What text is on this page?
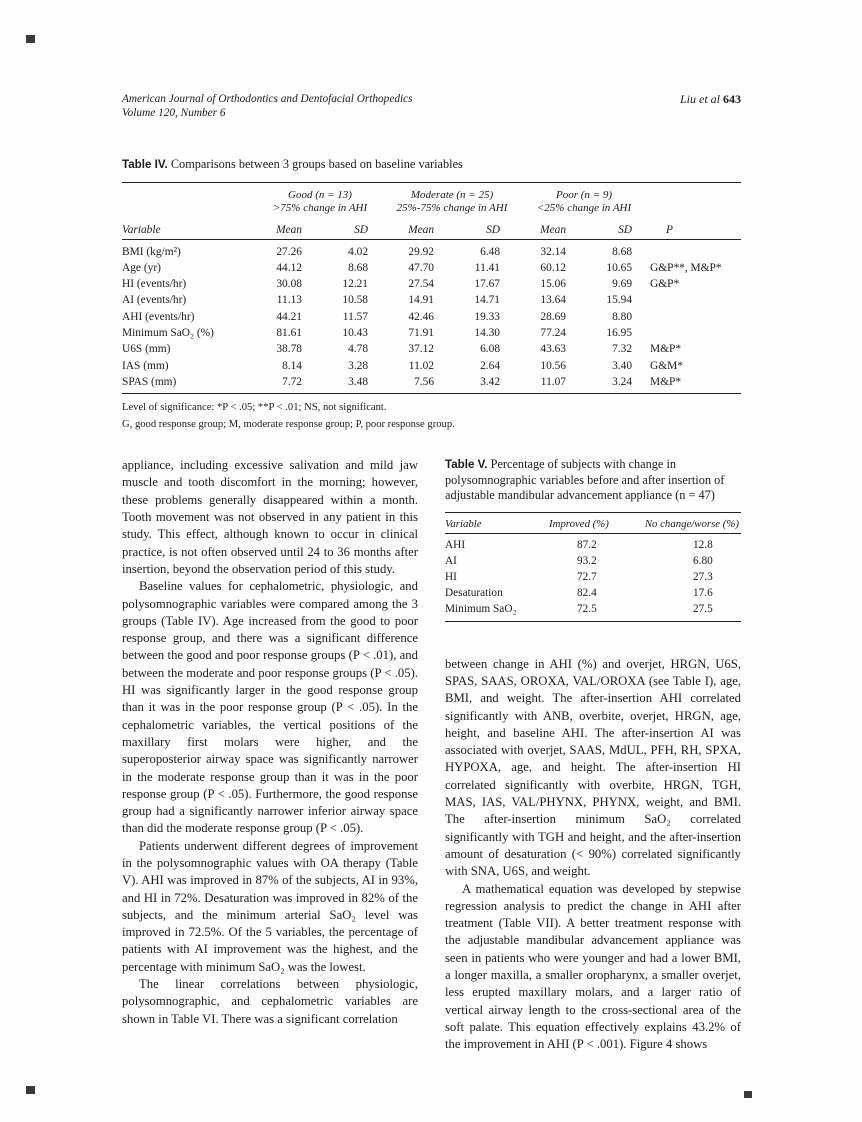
American Journal of Orthodontics and Dentofacial Orthopedics
Volume 120, Number 6
Liu et al 643
Table IV. Comparisons between 3 groups based on baseline variables

Good (n = 13)
>75% change in AHI

Moderate (n = 25)
25%-75% change in AHI

Poor (n = 9)
<25% change in AHI

Variable	Mean	SD	Mean	SD	Mean	SD	P
BMI (kg/m²)	27.26	4.02	29.92	6.48	32.14	8.68	
Age (yr)	44.12	8.68	47.70	11.41	60.12	10.65	G&P**, M&P*
HI (events/hr)	30.08	12.21	27.54	17.67	15.06	9.69	G&P*
AI (events/hr)	11.13	10.58	14.91	14.71	13.64	15.94	
AHI (events/hr)	44.21	11.57	42.46	19.33	28.69	8.80	
Minimum SaO₂ (%)	81.61	10.43	71.91	14.30	77.24	16.95	
U6S (mm)	38.78	4.78	37.12	6.08	43.63	7.32	M&P*
IAS (mm)	8.14	3.28	11.02	2.64	10.56	3.40	G&M*
SPAS (mm)	7.72	3.48	7.56	3.42	11.07	3.24	M&P*
Level of significance: *P < .05; **P < .01; NS, not significant.
G, good response group; M, moderate response group; P, poor response group.

appliance, including excessive salivation and mild jaw muscle and tooth discomfort in the morning; however, these problems generally disappeared within a month. Tooth movement was not observed in any patient in this study. This effect, although known to occur in clinical practice, is not often observed until 24 to 36 months after insertion, beyond the observation period of this study.

Baseline values for cephalometric, physiologic, and polysomnographic variables were compared among the 3 groups (Table IV). Age increased from the good to poor response group, and there was a significant difference between the good and poor response groups (P < .01), and between the moderate and poor response groups (P < .05). HI was significantly larger in the good response group than it was in the poor response group (P < .05). In the cephalometric variables, the vertical positions of the maxillary first molars were higher, and the superoposterior airway space was significantly narrower in the moderate response group than it was in the poor response group (P < .05). Furthermore, the good response group had a significantly narrower inferior airway space than did the moderate response group (P < .05).

Patients underwent different degrees of improvement in the polysomnographic values with OA therapy (Table V). AHI was improved in 87% of the subjects, AI in 93%, and HI in 72%. Desaturation was improved in 82% of the subjects, and the minimum arterial SaO₂ level was improved in 72.5%. Of the 5 variables, the percentage of patients with AI improvement was the highest, and the percentage with minimum SaO₂ was the lowest.

The linear correlations between physiologic, polysomnographic, and cephalometric variables are shown in Table VI. There was a significant correlation

Table V. Percentage of subjects with change in polysomnographic variables before and after insertion of adjustable mandibular advancement appliance (n = 47)
Variable	Improved (%)	No change/worse (%)
AHI	87.2	12.8
AI	93.2	6.80
HI	72.7	27.3
Desaturation	82.4	17.6
Minimum SaO₂	72.5	27.5

between change in AHI (%) and overjet, HRGN, U6S, SPAS, SAAS, OROXA, VAL/OROXA (see Table I), age, BMI, and weight. The after-insertion AHI correlated significantly with ANB, overbite, overjet, HRGN, age, height, and baseline AHI. The after-insertion AI was associated with overjet, SAAS, MdUL, PFH, RH, SPXA, HYPOXA, age, and height. The after-insertion HI correlated significantly with overbite, HRGN, TGH, MAS, IAS, VAL/PHYNX, PHYNX, weight, and BMI. The after-insertion minimum SaO₂ correlated significantly with TGH and height, and the after-insertion amount of desaturation (< 90%) correlated significantly with SNA, U6S, and weight.

A mathematical equation was developed by stepwise regression analysis to predict the change in AHI after treatment (Table VII). A better treatment response with the adjustable mandibular advancement appliance was seen in patients who were younger and had a lower BMI, a longer maxilla, a smaller oropharynx, a smaller overjet, less erupted maxillary molars, and a larger ratio of vertical airway length to the cross-sectional area of the soft palate. This equation effectively explains 43.2% of the improvement in AHI (P < .001). Figure 4 shows
